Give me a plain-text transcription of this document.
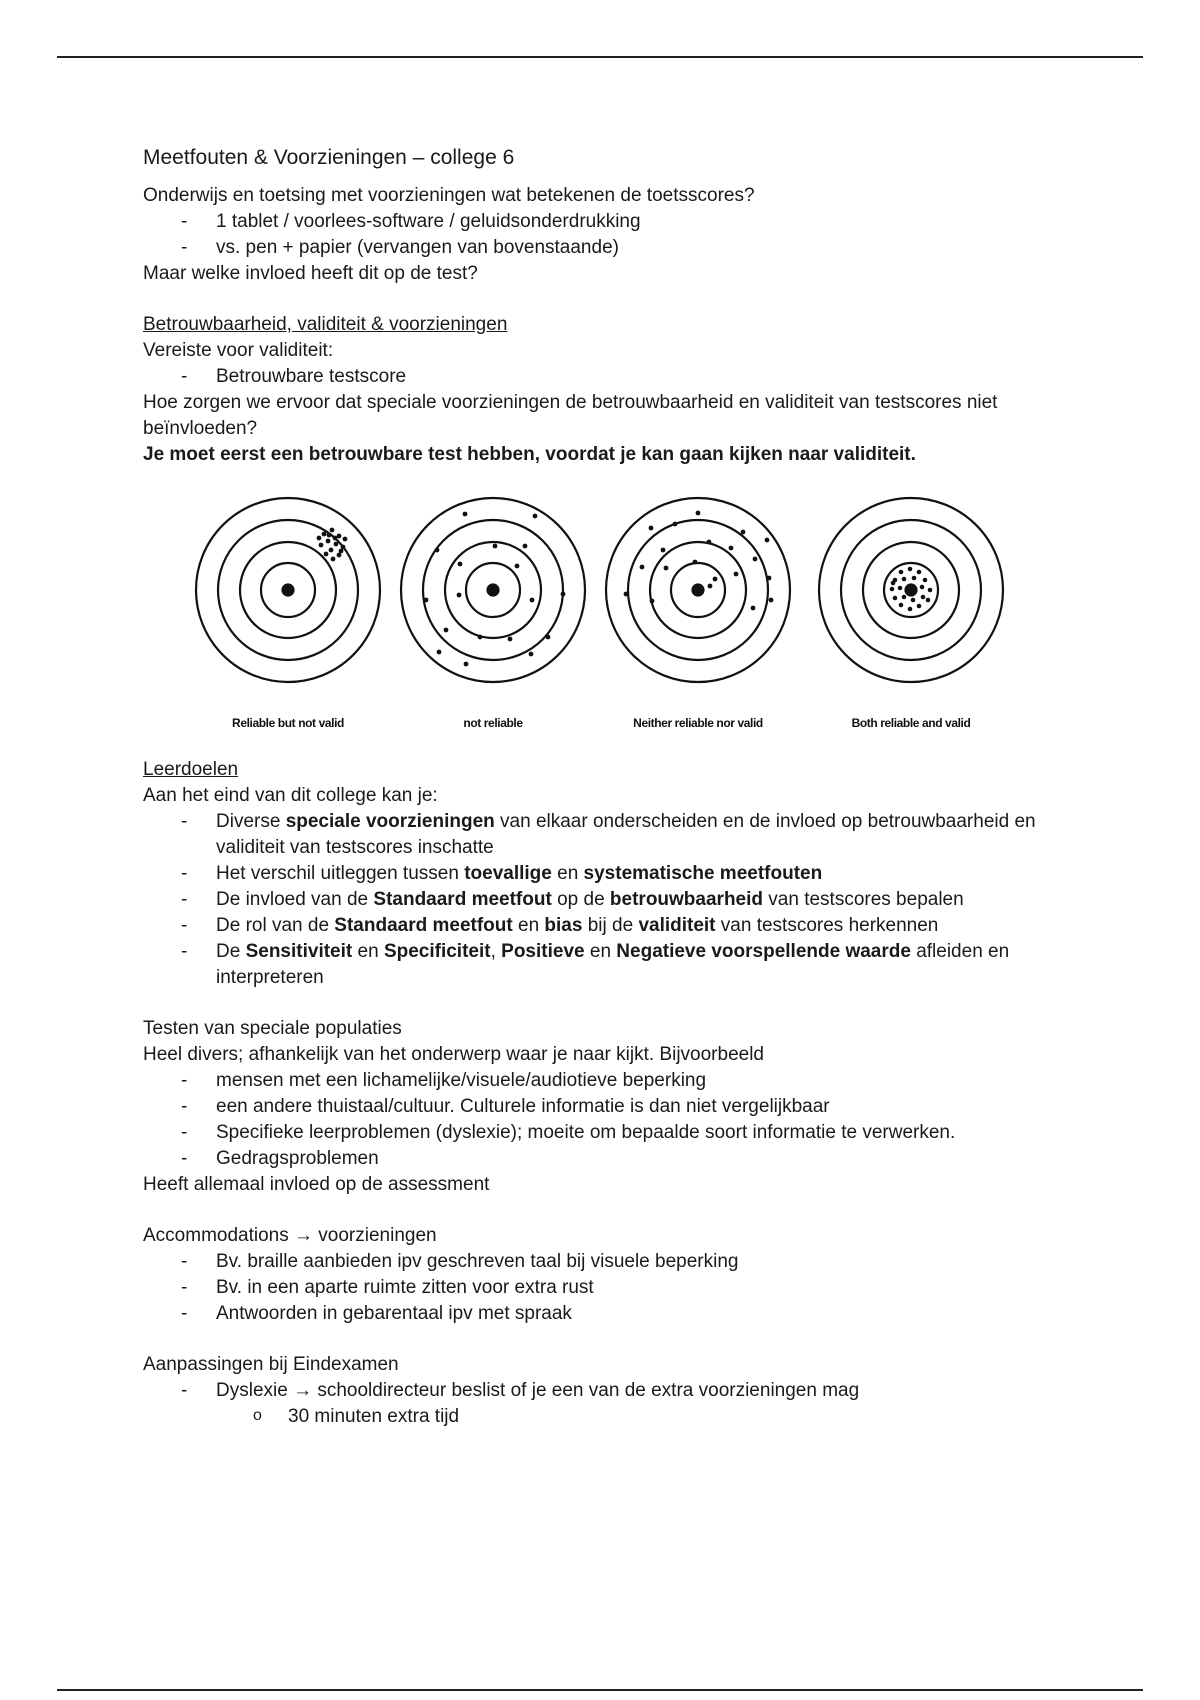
Meetfouten & Voorzieningen – college 6

Onderwijs en toetsing met voorzieningen wat betekenen de toetsscores?

- 1 tablet / voorlees-software / geluidsonderdrukking
- vs. pen + papier (vervangen van bovenstaande)

Maar welke invloed heeft dit op de test?

Betrouwbaarheid, validiteit & voorzieningen

Vereiste voor validiteit:

- Betrouwbare testscore

Hoe zorgen we ervoor dat speciale voorzieningen de betrouwbaarheid en validiteit van testscores niet beïnvloeden?

Je moet eerst een betrouwbare test hebben, voordat je kan gaan kijken naar validiteit.

Reliable but not valid	not reliable	Neither reliable nor valid	Both reliable and valid

Leerdoelen

Aan het eind van dit college kan je:

- Diverse speciale voorzieningen van elkaar onderscheiden en de invloed op betrouwbaarheid en validiteit van testscores inschatte
- Het verschil uitleggen tussen toevallige en systematische meetfouten
- De invloed van de Standaard meetfout op de betrouwbaarheid van testscores bepalen
- De rol van de Standaard meetfout en bias bij de validiteit van testscores herkennen
- De Sensitiviteit en Specificiteit, Positieve en Negatieve voorspellende waarde afleiden en interpreteren

Testen van speciale populaties

Heel divers; afhankelijk van het onderwerp waar je naar kijkt. Bijvoorbeeld

- mensen met een lichamelijke/visuele/audiotieve beperking
- een andere thuistaal/cultuur. Culturele informatie is dan niet vergelijkbaar
- Specifieke leerproblemen (dyslexie); moeite om bepaalde soort informatie te verwerken.
- Gedragsproblemen

Heeft allemaal invloed op de assessment

Accommodations → voorzieningen

- Bv. braille aanbieden ipv geschreven taal bij visuele beperking
- Bv. in een aparte ruimte zitten voor extra rust
- Antwoorden in gebarentaal ipv met spraak

Aanpassingen bij Eindexamen

- Dyslexie → schooldirecteur beslist of je een van de extra voorzieningen mag
o 30 minuten extra tijd
